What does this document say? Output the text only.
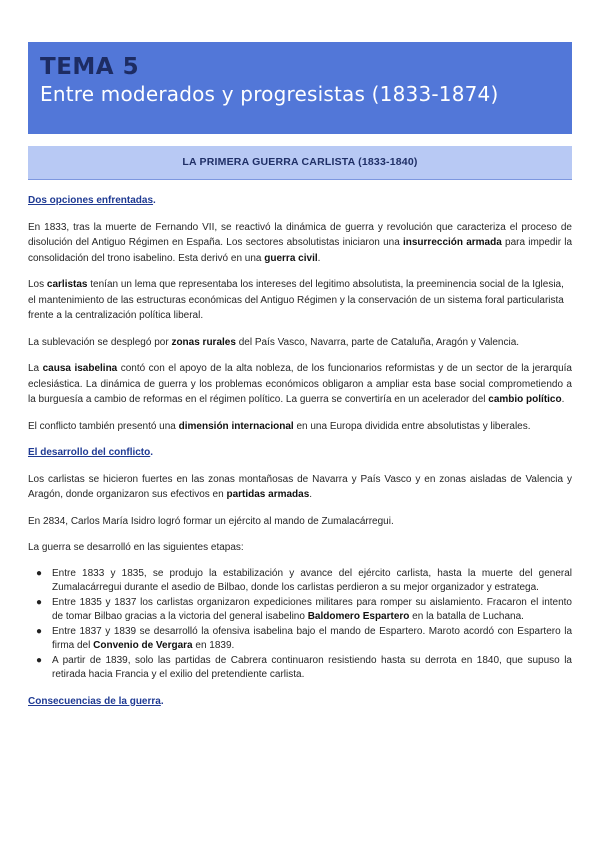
TEMA 5
Entre moderados y progresistas (1833-1874)
LA PRIMERA GUERRA CARLISTA (1833-1840)
Dos opciones enfrentadas.

En 1833, tras la muerte de Fernando VII, se reactivó la dinámica de guerra y revolución que caracteriza el proceso de disolución del Antiguo Régimen en España. Los sectores absolutistas iniciaron una insurrección armada para impedir la consolidación del trono isabelino. Esta derivó en una guerra civil.

Los carlistas tenían un lema que representaba los intereses del legitimo absolutista, la preeminencia social de la Iglesia, el mantenimiento de las estructuras económicas del Antiguo Régimen y la conservación de un sistema foral particularista frente a la centralización política liberal.

La sublevación se desplegó por zonas rurales del País Vasco, Navarra, parte de Cataluña, Aragón y Valencia.

La causa isabelina contó con el apoyo de la alta nobleza, de los funcionarios reformistas y de un sector de la jerarquía eclesiástica. La dinámica de guerra y los problemas económicos obligaron a ampliar esta base social comprometiendo a la burguesía a cambio de reformas en el régimen político. La guerra se convertiría en un acelerador del cambio político.

El conflicto también presentó una dimensión internacional en una Europa dividida entre absolutistas y liberales.

El desarrollo del conflicto.

Los carlistas se hicieron fuertes en las zonas montañosas de Navarra y País Vasco y en zonas aisladas de Valencia y Aragón, donde organizaron sus efectivos en partidas armadas.

En 2834, Carlos María Isidro logró formar un ejército al mando de Zumalacárregui.

La guerra se desarrolló en las siguientes etapas:

● Entre 1833 y 1835, se produjo la estabilización y avance del ejército carlista, hasta la muerte del general Zumalacárregui durante el asedio de Bilbao, donde los carlistas perdieron a su mejor organizador y estratega.
● Entre 1835 y 1837 los carlistas organizaron expediciones militares para romper su aislamiento. Fracaron el intento de tomar Bilbao gracias a la victoria del general isabelino Baldomero Espartero en la batalla de Luchana.
● Entre 1837 y 1839 se desarrolló la ofensiva isabelina bajo el mando de Espartero. Maroto acordó con Espartero la firma del Convenio de Vergara en 1839.
● A partir de 1839, solo las partidas de Cabrera continuaron resistiendo hasta su derrota en 1840, que supuso la retirada hacia Francia y el exilio del pretendiente carlista.
Consecuencias de la guerra.
